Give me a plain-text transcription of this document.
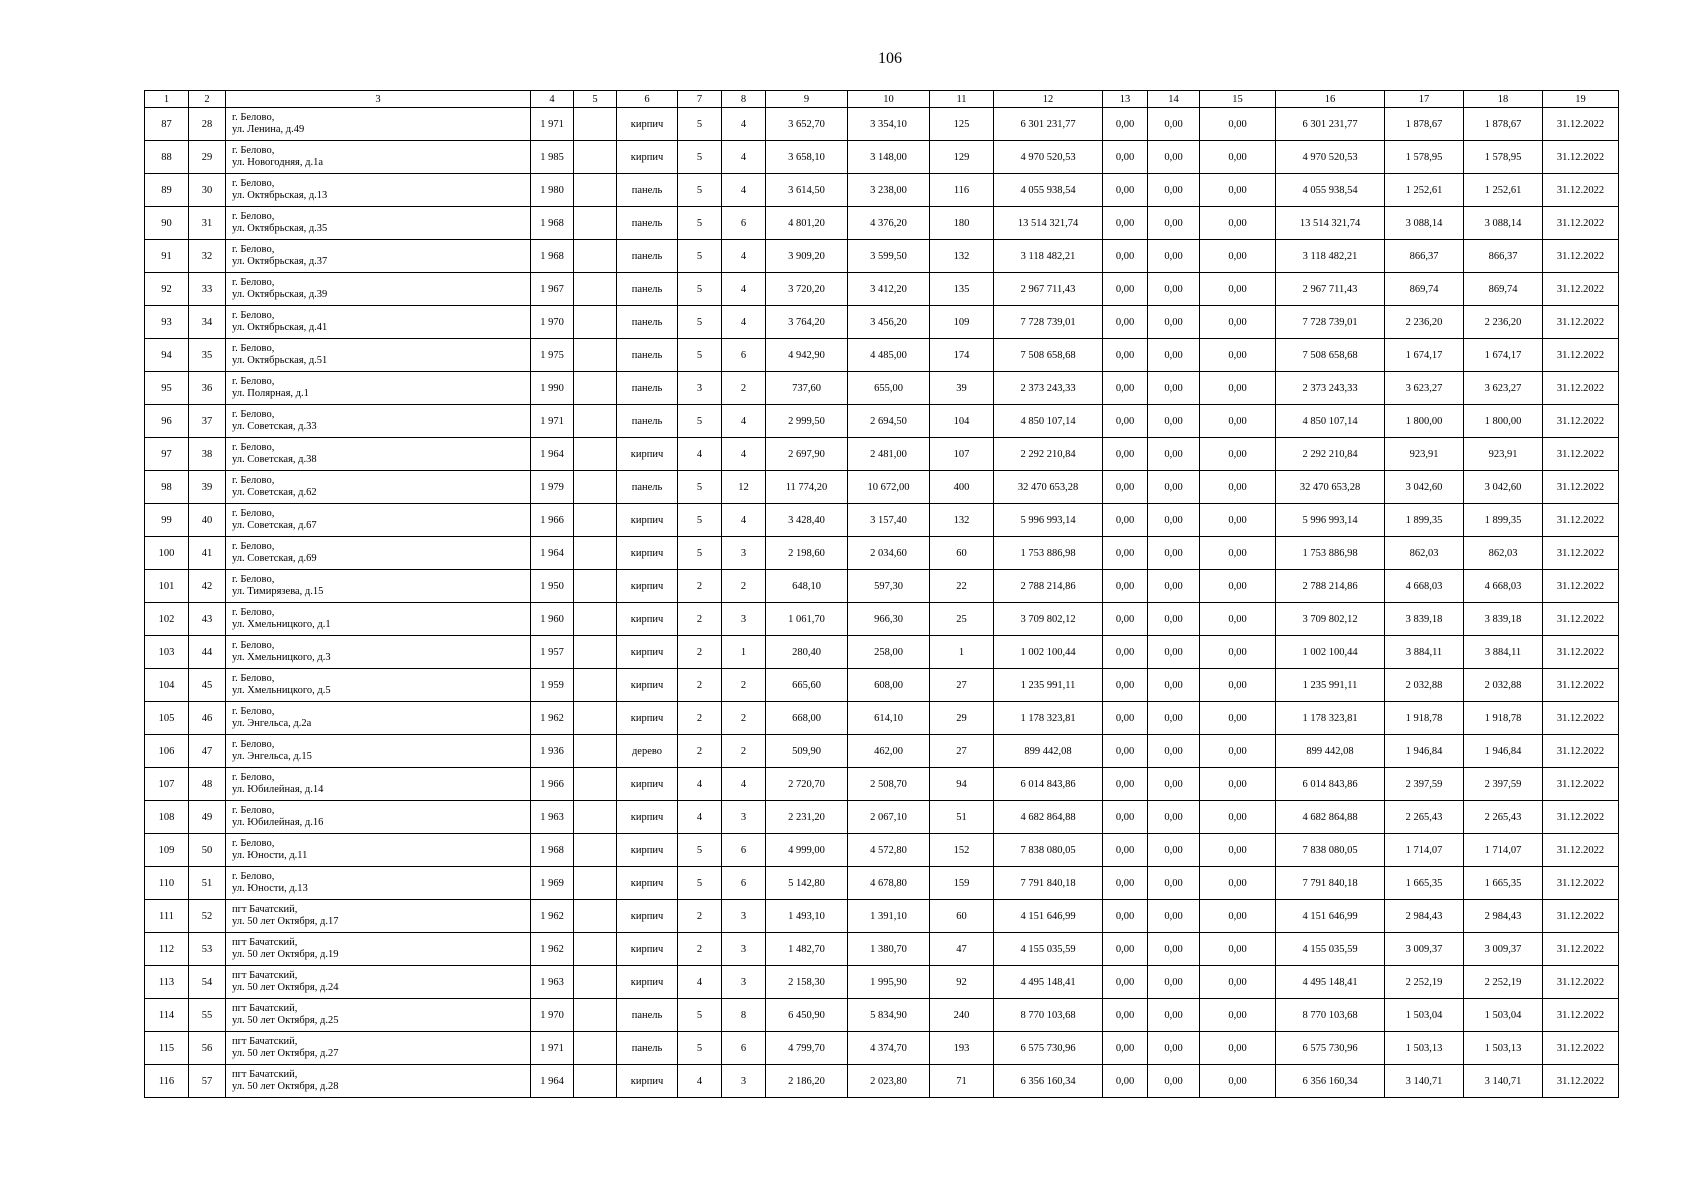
106
1	2	3	4	5	6	7	8	9	10	11	12	13	14	15	16	17	18	19
87	28	г. Белово,
ул. Ленина, д.49	1 971		кирпич	5	4	3 652,70	3 354,10	125	6 301 231,77	0,00	0,00	0,00	6 301 231,77	1 878,67	1 878,67	31.12.2022
88	29	г. Белово,
ул. Новогодняя, д.1а	1 985		кирпич	5	4	3 658,10	3 148,00	129	4 970 520,53	0,00	0,00	0,00	4 970 520,53	1 578,95	1 578,95	31.12.2022
89	30	г. Белово,
ул. Октябрьская, д.13	1 980		панель	5	4	3 614,50	3 238,00	116	4 055 938,54	0,00	0,00	0,00	4 055 938,54	1 252,61	1 252,61	31.12.2022
90	31	г. Белово,
ул. Октябрьская, д.35	1 968		панель	5	6	4 801,20	4 376,20	180	13 514 321,74	0,00	0,00	0,00	13 514 321,74	3 088,14	3 088,14	31.12.2022
91	32	г. Белово,
ул. Октябрьская, д.37	1 968		панель	5	4	3 909,20	3 599,50	132	3 118 482,21	0,00	0,00	0,00	3 118 482,21	866,37	866,37	31.12.2022
92	33	г. Белово,
ул. Октябрьская, д.39	1 967		панель	5	4	3 720,20	3 412,20	135	2 967 711,43	0,00	0,00	0,00	2 967 711,43	869,74	869,74	31.12.2022
93	34	г. Белово,
ул. Октябрьская, д.41	1 970		панель	5	4	3 764,20	3 456,20	109	7 728 739,01	0,00	0,00	0,00	7 728 739,01	2 236,20	2 236,20	31.12.2022
94	35	г. Белово,
ул. Октябрьская, д.51	1 975		панель	5	6	4 942,90	4 485,00	174	7 508 658,68	0,00	0,00	0,00	7 508 658,68	1 674,17	1 674,17	31.12.2022
95	36	г. Белово,
ул. Полярная, д.1	1 990		панель	3	2	737,60	655,00	39	2 373 243,33	0,00	0,00	0,00	2 373 243,33	3 623,27	3 623,27	31.12.2022
96	37	г. Белово,
ул. Советская, д.33	1 971		панель	5	4	2 999,50	2 694,50	104	4 850 107,14	0,00	0,00	0,00	4 850 107,14	1 800,00	1 800,00	31.12.2022
97	38	г. Белово,
ул. Советская, д.38	1 964		кирпич	4	4	2 697,90	2 481,00	107	2 292 210,84	0,00	0,00	0,00	2 292 210,84	923,91	923,91	31.12.2022
98	39	г. Белово,
ул. Советская, д.62	1 979		панель	5	12	11 774,20	10 672,00	400	32 470 653,28	0,00	0,00	0,00	32 470 653,28	3 042,60	3 042,60	31.12.2022
99	40	г. Белово,
ул. Советская, д.67	1 966		кирпич	5	4	3 428,40	3 157,40	132	5 996 993,14	0,00	0,00	0,00	5 996 993,14	1 899,35	1 899,35	31.12.2022
100	41	г. Белово,
ул. Советская, д.69	1 964		кирпич	5	3	2 198,60	2 034,60	60	1 753 886,98	0,00	0,00	0,00	1 753 886,98	862,03	862,03	31.12.2022
101	42	г. Белово,
ул. Тимирязева, д.15	1 950		кирпич	2	2	648,10	597,30	22	2 788 214,86	0,00	0,00	0,00	2 788 214,86	4 668,03	4 668,03	31.12.2022
102	43	г. Белово,
ул. Хмельницкого, д.1	1 960		кирпич	2	3	1 061,70	966,30	25	3 709 802,12	0,00	0,00	0,00	3 709 802,12	3 839,18	3 839,18	31.12.2022
103	44	г. Белово,
ул. Хмельницкого, д.3	1 957		кирпич	2	1	280,40	258,00	1	1 002 100,44	0,00	0,00	0,00	1 002 100,44	3 884,11	3 884,11	31.12.2022
104	45	г. Белово,
ул. Хмельницкого, д.5	1 959		кирпич	2	2	665,60	608,00	27	1 235 991,11	0,00	0,00	0,00	1 235 991,11	2 032,88	2 032,88	31.12.2022
105	46	г. Белово,
ул. Энгельса, д.2а	1 962		кирпич	2	2	668,00	614,10	29	1 178 323,81	0,00	0,00	0,00	1 178 323,81	1 918,78	1 918,78	31.12.2022
106	47	г. Белово,
ул. Энгельса, д.15	1 936		дерево	2	2	509,90	462,00	27	899 442,08	0,00	0,00	0,00	899 442,08	1 946,84	1 946,84	31.12.2022
107	48	г. Белово,
ул. Юбилейная, д.14	1 966		кирпич	4	4	2 720,70	2 508,70	94	6 014 843,86	0,00	0,00	0,00	6 014 843,86	2 397,59	2 397,59	31.12.2022
108	49	г. Белово,
ул. Юбилейная, д.16	1 963		кирпич	4	3	2 231,20	2 067,10	51	4 682 864,88	0,00	0,00	0,00	4 682 864,88	2 265,43	2 265,43	31.12.2022
109	50	г. Белово,
ул. Юности, д.11	1 968		кирпич	5	6	4 999,00	4 572,80	152	7 838 080,05	0,00	0,00	0,00	7 838 080,05	1 714,07	1 714,07	31.12.2022
110	51	г. Белово,
ул. Юности, д.13	1 969		кирпич	5	6	5 142,80	4 678,80	159	7 791 840,18	0,00	0,00	0,00	7 791 840,18	1 665,35	1 665,35	31.12.2022
111	52	пгт Бачатский,
ул. 50 лет Октября, д.17	1 962		кирпич	2	3	1 493,10	1 391,10	60	4 151 646,99	0,00	0,00	0,00	4 151 646,99	2 984,43	2 984,43	31.12.2022
112	53	пгт Бачатский,
ул. 50 лет Октября, д.19	1 962		кирпич	2	3	1 482,70	1 380,70	47	4 155 035,59	0,00	0,00	0,00	4 155 035,59	3 009,37	3 009,37	31.12.2022
113	54	пгт Бачатский,
ул. 50 лет Октября, д.24	1 963		кирпич	4	3	2 158,30	1 995,90	92	4 495 148,41	0,00	0,00	0,00	4 495 148,41	2 252,19	2 252,19	31.12.2022
114	55	пгт Бачатский,
ул. 50 лет Октября, д.25	1 970		панель	5	8	6 450,90	5 834,90	240	8 770 103,68	0,00	0,00	0,00	8 770 103,68	1 503,04	1 503,04	31.12.2022
115	56	пгт Бачатский,
ул. 50 лет Октября, д.27	1 971		панель	5	6	4 799,70	4 374,70	193	6 575 730,96	0,00	0,00	0,00	6 575 730,96	1 503,13	1 503,13	31.12.2022
116	57	пгт Бачатский,
ул. 50 лет Октября, д.28	1 964		кирпич	4	3	2 186,20	2 023,80	71	6 356 160,34	0,00	0,00	0,00	6 356 160,34	3 140,71	3 140,71	31.12.2022
